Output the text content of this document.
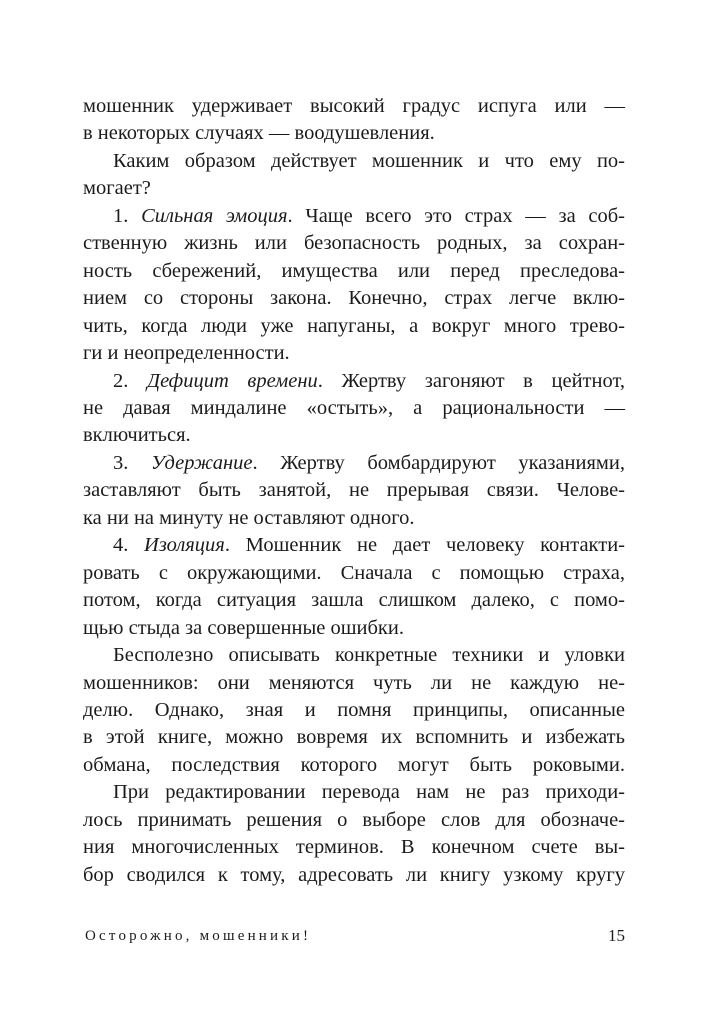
мошенник удерживает высокий градус испуга или —
в некоторых случаях — воодушевления.
Каким образом действует мошенник и что ему по-
могает?
1. Сильная эмоция. Чаще всего это страх — за соб-
ственную жизнь или безопасность родных, за сохран-
ность сбережений, имущества или перед преследова-
нием со стороны закона. Конечно, страх легче вклю-
чить, когда люди уже напуганы, а вокруг много трево-
ги и неопределенности.
2. Дефицит времени. Жертву загоняют в цейтнот,
не давая миндалине «остыть», а рациональности —
включиться.
3. Удержание. Жертву бомбардируют указаниями,
заставляют быть занятой, не прерывая связи. Челове-
ка ни на минуту не оставляют одного.
4. Изоляция. Мошенник не дает человеку контакти-
ровать с окружающими. Сначала с помощью страха,
потом, когда ситуация зашла слишком далеко, с помо-
щью стыда за совершенные ошибки.
Бесполезно описывать конкретные техники и уловки
мошенников: они меняются чуть ли не каждую не-
делю. Однако, зная и помня принципы, описанные
в этой книге, можно вовремя их вспомнить и избежать
обмана, последствия которого могут быть роковыми.
При редактировании перевода нам не раз приходи-
лось принимать решения о выборе слов для обозначе-
ния многочисленных терминов. В конечном счете вы-
бор сводился к тому, адресовать ли книгу узкому кругу
Осторожно, мошенники!	15
